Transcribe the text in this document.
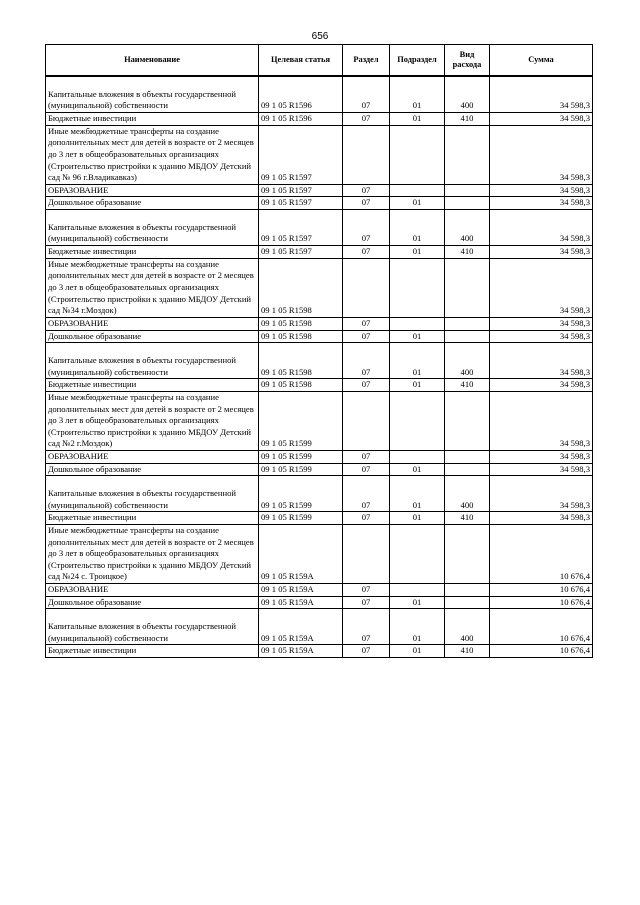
656
Наименование	Целевая статья	Раздел	Подраздел	Вид расхода	Сумма
Капитальные вложения в объекты государственной (муниципальной) собственности	09 1 05 R1596	07	01	400	34 598,3
Бюджетные инвестиции	09 1 05 R1596	07	01	410	34 598,3
Иные межбюджетные трансферты на создание дополнительных мест для детей в возрасте от 2 месяцев до 3 лет в общеобразовательных организациях (Строительство пристройки к зданию МБДОУ Детский сад № 96 г.Владикавказ)	09 1 05 R1597				34 598,3
ОБРАЗОВАНИЕ	09 1 05 R1597	07			34 598,3
Дошкольное образование	09 1 05 R1597	07	01		34 598,3
Капитальные вложения в объекты государственной (муниципальной) собственности	09 1 05 R1597	07	01	400	34 598,3
Бюджетные инвестиции	09 1 05 R1597	07	01	410	34 598,3
Иные межбюджетные трансферты на создание дополнительных мест для детей в возрасте от 2 месяцев до 3 лет в общеобразовательных организациях (Строительство пристройки к зданию МБДОУ Детский сад №34 г.Моздок)	09 1 05 R1598				34 598,3
ОБРАЗОВАНИЕ	09 1 05 R1598	07			34 598,3
Дошкольное образование	09 1 05 R1598	07	01		34 598,3
Капитальные вложения в объекты государственной (муниципальной) собственности	09 1 05 R1598	07	01	400	34 598,3
Бюджетные инвестиции	09 1 05 R1598	07	01	410	34 598,3
Иные межбюджетные трансферты на создание дополнительных мест для детей в возрасте от 2 месяцев до 3 лет в общеобразовательных организациях (Строительство пристройки к зданию МБДОУ Детский сад №2 г.Моздок)	09 1 05 R1599				34 598,3
ОБРАЗОВАНИЕ	09 1 05 R1599	07			34 598,3
Дошкольное образование	09 1 05 R1599	07	01		34 598,3
Капитальные вложения в объекты государственной (муниципальной) собственности	09 1 05 R1599	07	01	400	34 598,3
Бюджетные инвестиции	09 1 05 R1599	07	01	410	34 598,3
Иные межбюджетные трансферты на создание дополнительных мест для детей в возрасте от 2 месяцев до 3 лет в общеобразовательных организациях (Строительство пристройки к зданию МБДОУ Детский сад №24 с. Троицкое)	09 1 05 R159А				10 676,4
ОБРАЗОВАНИЕ	09 1 05 R159А	07			10 676,4
Дошкольное образование	09 1 05 R159А	07	01		10 676,4
Капитальные вложения в объекты государственной (муниципальной) собственности	09 1 05 R159А	07	01	400	10 676,4
Бюджетные инвестиции	09 1 05 R159А	07	01	410	10 676,4
